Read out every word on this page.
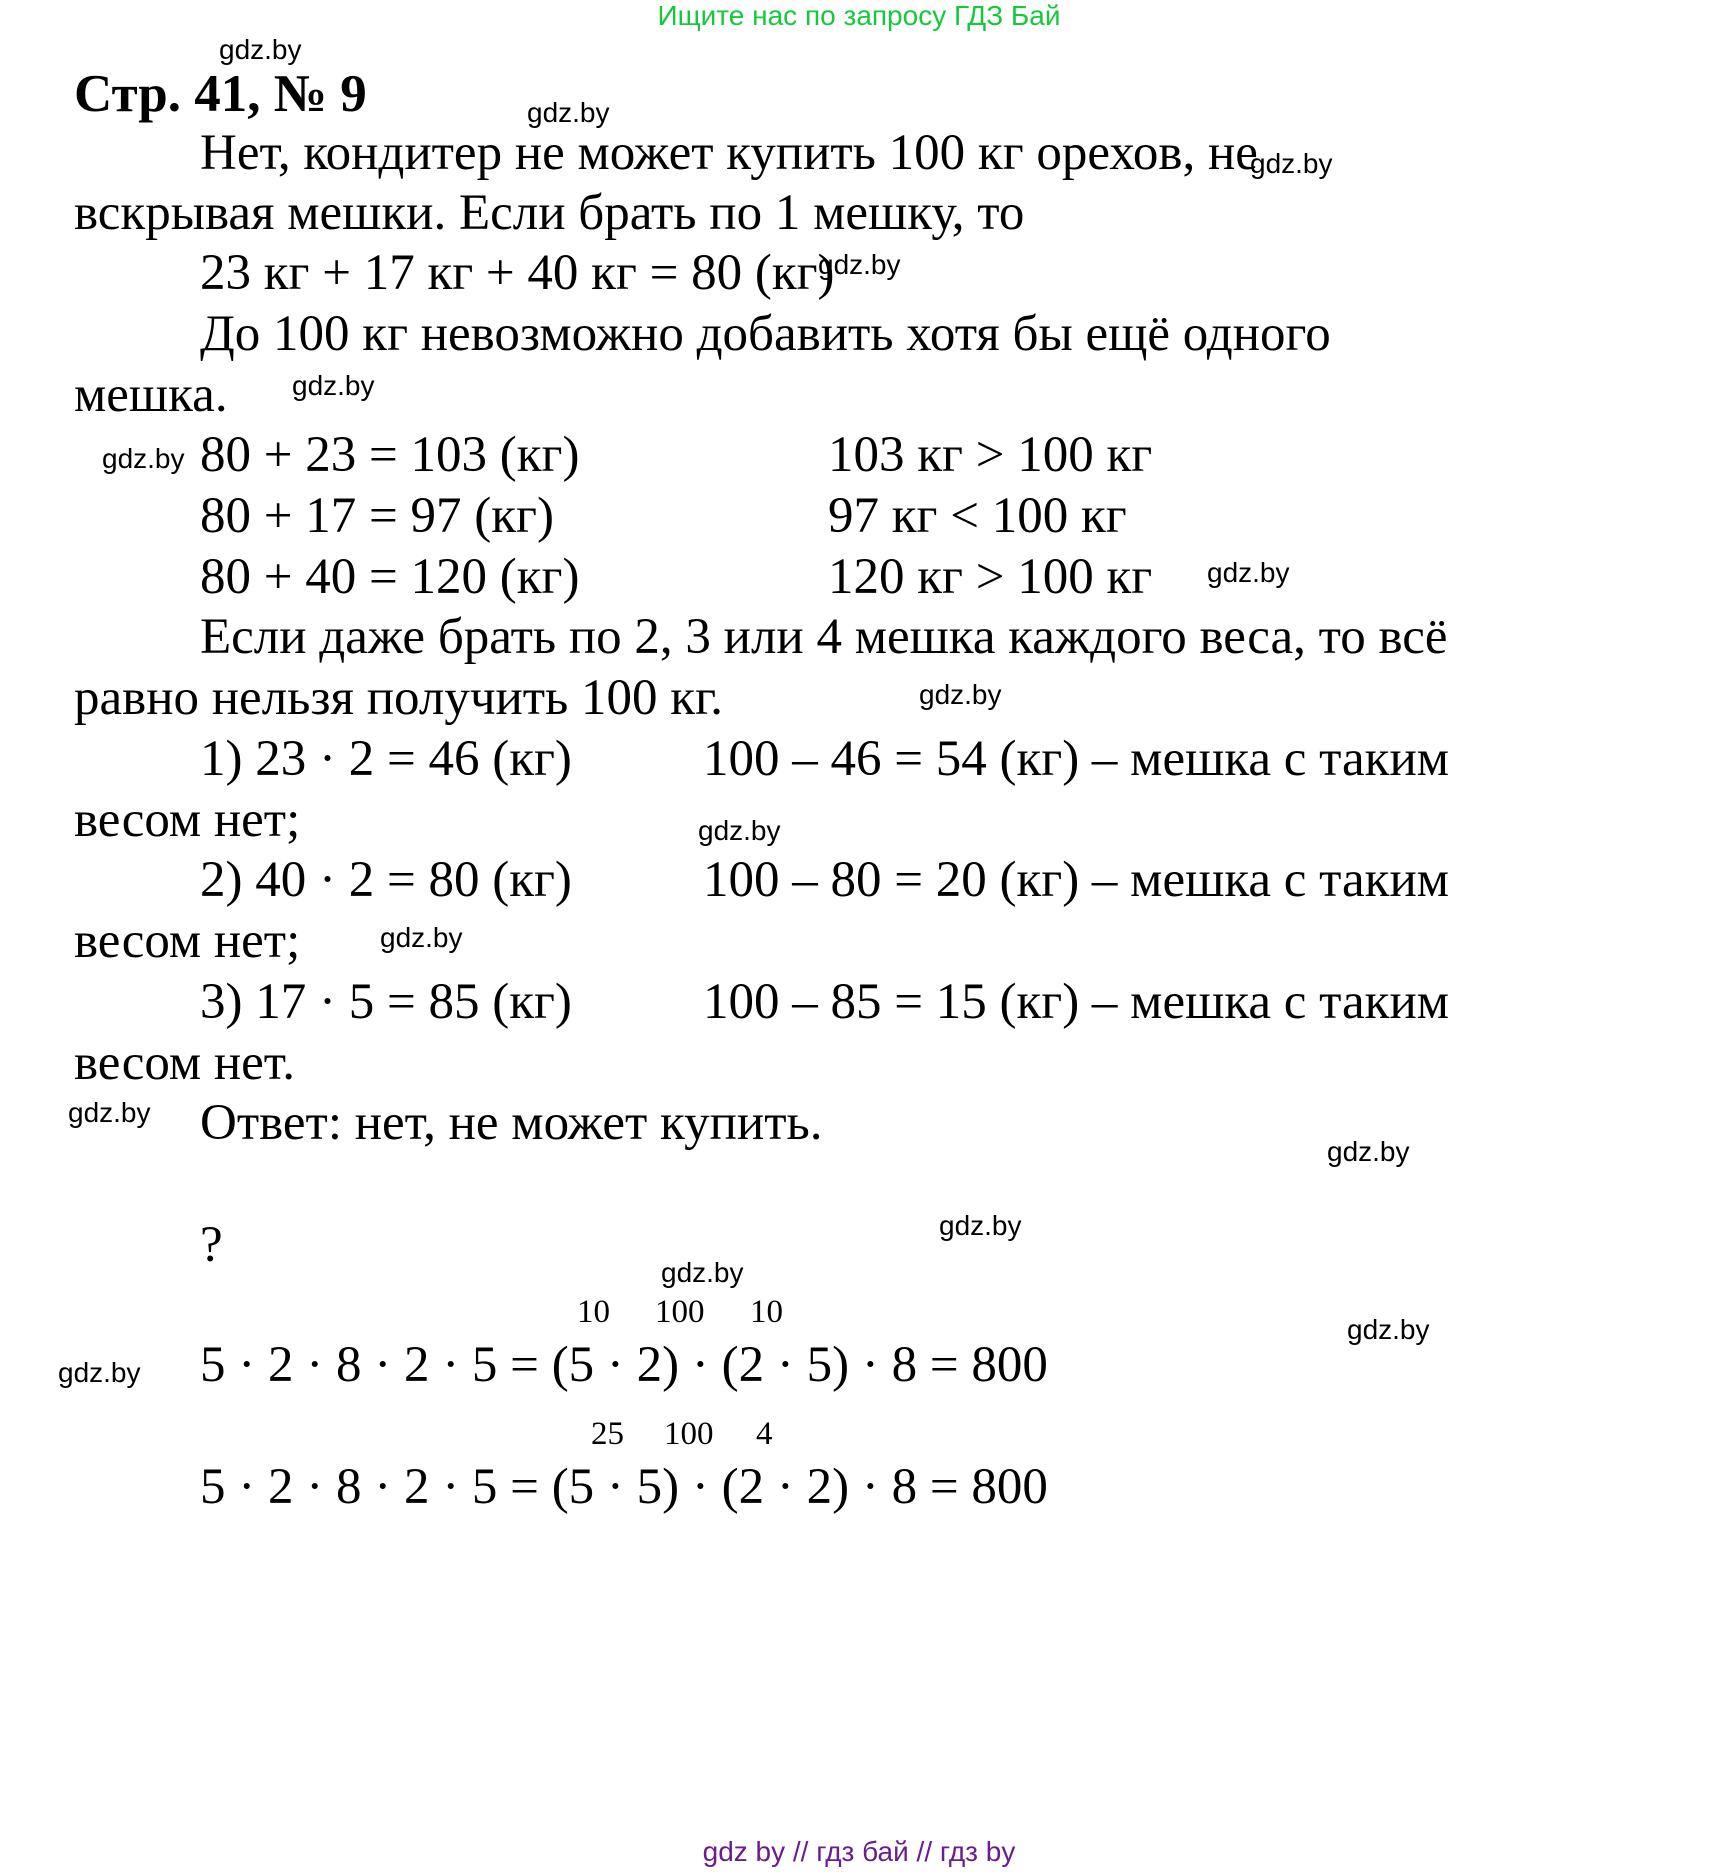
Ищите нас по запросу ГДЗ Бай
Стр. 41, № 9
Нет, кондитер не может купить 100 кг орехов, не
вскрывая мешки. Если брать по 1 мешку, то
23 кг + 17 кг + 40 кг = 80 (кг)
До 100 кг невозможно добавить хотя бы ещё одного
мешка.
80 + 23 = 103 (кг)	103 кг > 100 кг
80 + 17 = 97 (кг)	97 кг < 100 кг
80 + 40 = 120 (кг)	120 кг > 100 кг
Если даже брать по 2, 3 или 4 мешка каждого веса, то всё
равно нельзя получить 100 кг.
1) 23 · 2 = 46 (кг)	100 – 46 = 54 (кг) – мешка с таким
весом нет;
2) 40 · 2 = 80 (кг)	100 – 80 = 20 (кг) – мешка с таким
весом нет;
3) 17 · 5 = 85 (кг)	100 – 85 = 15 (кг) – мешка с таким
весом нет.
Ответ: нет, не может купить.
?
10 100 10
5 · 2 · 8 · 2 · 5 = (5 · 2) · (2 · 5) · 8 = 800
25 100 4
5 · 2 · 8 · 2 · 5 = (5 · 5) · (2 · 2) · 8 = 800
gdz.by
gdz.by
gdz.by
gdz.by
gdz.by
gdz.by
gdz.by
gdz.by
gdz.by
gdz.by
gdz.by
gdz.by
gdz.by
gdz.by
gdz.by
gdz.by
gdz by // гдз бай // гдз by
